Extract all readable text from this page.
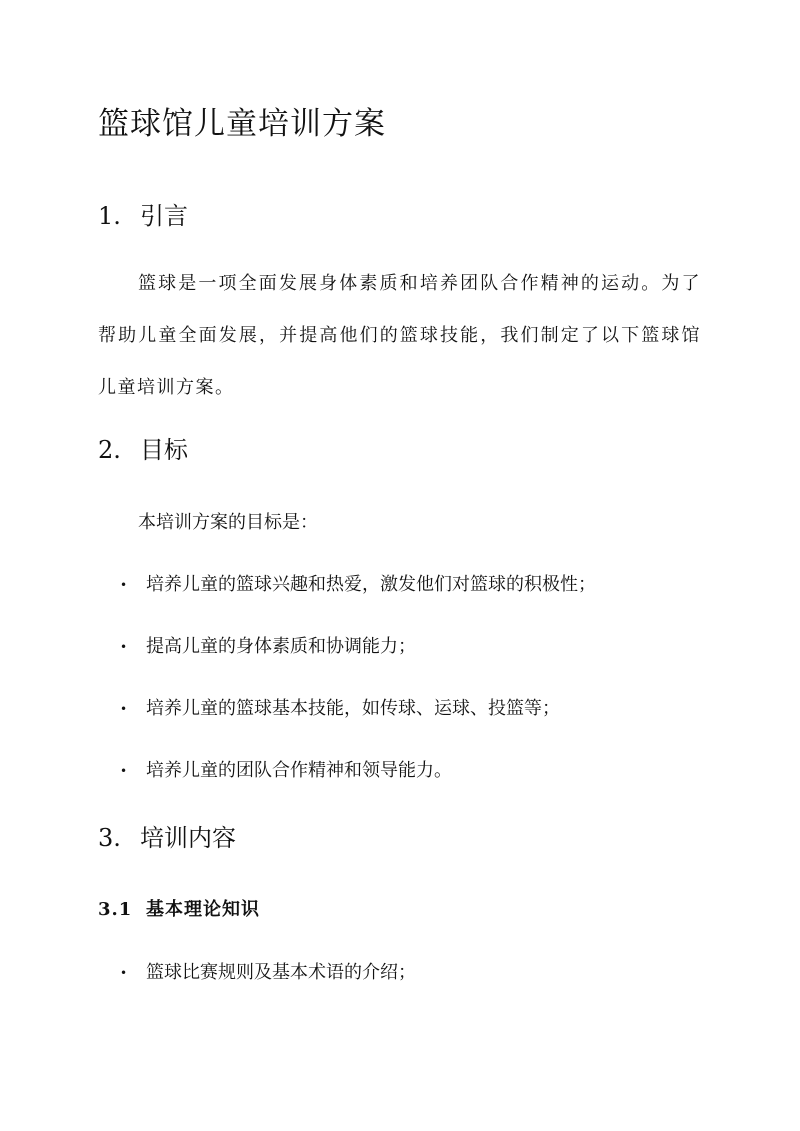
篮球馆儿童培训方案
1. 引言

篮球是一项全面发展身体素质和培养团队合作精神的运动。为了帮助儿童全面发展，并提高他们的篮球技能，我们制定了以下篮球馆儿童培训方案。

2. 目标

本培训方案的目标是：

• 培养儿童的篮球兴趣和热爱，激发他们对篮球的积极性；
• 提高儿童的身体素质和协调能力；
• 培养儿童的篮球基本技能，如传球、运球、投篮等；
• 培养儿童的团队合作精神和领导能力。
3. 培训内容
3.1 基本理论知识
• 篮球比赛规则及基本术语的介绍；
